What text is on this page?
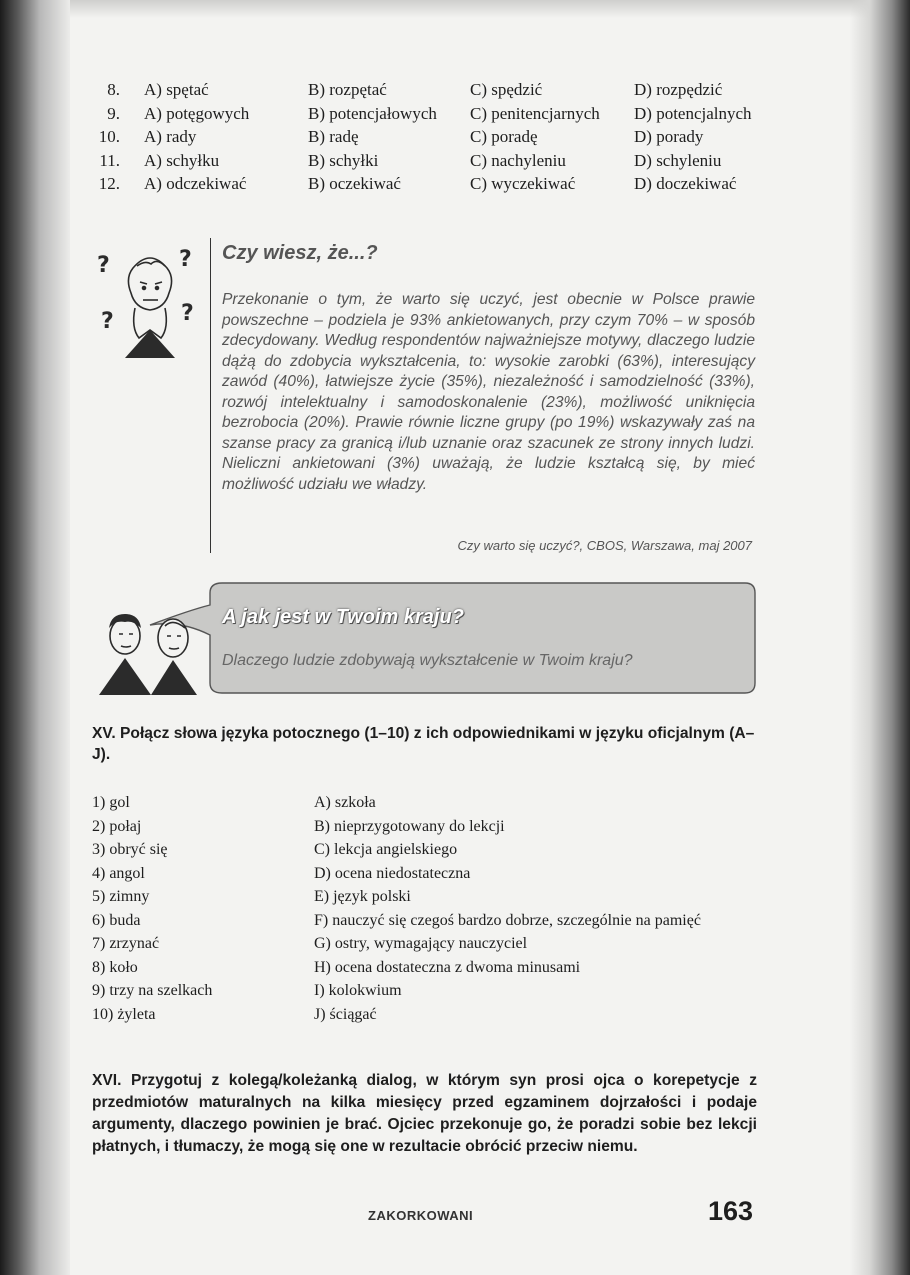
8. A) spętać	B) rozpętać	C) spędzić	D) rozpędzić
9. A) potęgowych	B) potencjałowych C) penitencjarnych D) potencjalnych
10. A) rady	B) radę	C) poradę	D) porady
11. A) schyłku	B) schyłki	C) nachyleniu	D) schyleniu
12. A) odczekiwać	B) oczekiwać	C) wyczekiwać	D) doczekiwać
?	?
?	?
Czy wiesz, że...?

Przekonanie o tym, że warto się uczyć, jest obecnie w Polsce prawie powszechne – podziela je 93% ankietowanych, przy czym 70% – w sposób zdecydowany. Według respondentów najważniejsze motywy, dlaczego ludzie dążą do zdobycia wykształcenia, to: wysokie zarobki (63%), interesujący zawód (40%), łatwiejsze życie (35%), niezależność i samodzielność (33%), rozwój intelektualny i samodoskonalenie (23%), możliwość uniknięcia bezrobocia (20%). Prawie równie liczne grupy (po 19%) wskazywały zaś na szanse pracy za granicą i/lub uznanie oraz szacunek ze strony innych ludzi. Nieliczni ankietowani (3%) uważają, że ludzie kształcą się, by mieć możliwość udziału we władzy.

Czy warto się uczyć?, CBOS, Warszawa, maj 2007
A jak jest w Twoim kraju?
Dlaczego ludzie zdobywają wykształcenie w Twoim kraju?

XV. Połącz słowa języka potocznego (1–10) z ich odpowiednikami w języku oficjalnym (A–J).

1) gol	A) szkoła
2) połaj	B) nieprzygotowany do lekcji
3) obryć się	C) lekcja angielskiego
4) angol	D) ocena niedostateczna
5) zimny	E) język polski
6) buda	F) nauczyć się czegoś bardzo dobrze, szczególnie na pamięć
7) zrzynać	G) ostry, wymagający nauczyciel
8) koło	H) ocena dostateczna z dwoma minusami
9) trzy na szelkach	I) kolokwium
10) żyleta	J) ściągać

XVI. Przygotuj z kolegą/koleżanką dialog, w którym syn prosi ojca o korepetycje z przedmiotów maturalnych na kilka miesięcy przed egzaminem dojrzałości i podaje argumenty, dlaczego powinien je brać. Ojciec przekonuje go, że poradzi sobie bez lekcji płatnych, i tłumaczy, że mogą się one w rezultacie obrócić przeciw niemu.

ZAKORKOWANI	163
